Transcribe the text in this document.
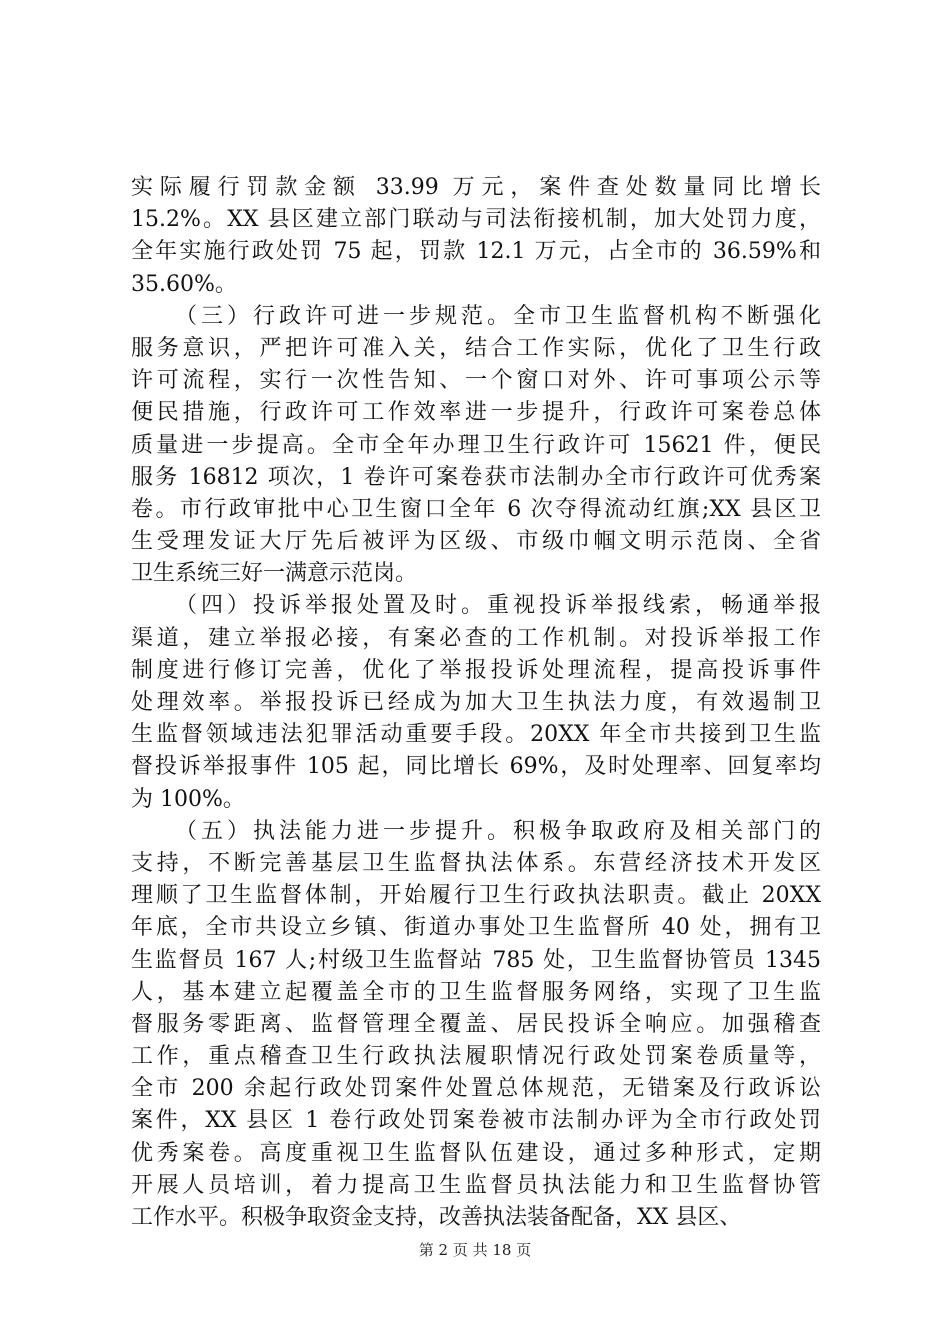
实际履行罚款金额 33.99 万元，案件查处数量同比增长
15.2%。XX 县区建立部门联动与司法衔接机制，加大处罚力度，
全年实施行政处罚 75 起，罚款 12.1 万元，占全市的 36.59%和
35.60%。
（三）行政许可进一步规范。全市卫生监督机构不断强化
服务意识，严把许可准入关，结合工作实际，优化了卫生行政
许可流程，实行一次性告知、一个窗口对外、许可事项公示等
便民措施，行政许可工作效率进一步提升，行政许可案卷总体
质量进一步提高。全市全年办理卫生行政许可 15621 件，便民
服务 16812 项次，1 卷许可案卷获市法制办全市行政许可优秀案
卷。市行政审批中心卫生窗口全年 6 次夺得流动红旗;XX 县区卫
生受理发证大厅先后被评为区级、市级巾帼文明示范岗、全省
卫生系统三好一满意示范岗。
（四）投诉举报处置及时。重视投诉举报线索，畅通举报
渠道，建立举报必接，有案必查的工作机制。对投诉举报工作
制度进行修订完善，优化了举报投诉处理流程，提高投诉事件
处理效率。举报投诉已经成为加大卫生执法力度，有效遏制卫
生监督领域违法犯罪活动重要手段。20XX 年全市共接到卫生监
督投诉举报事件 105 起，同比增长 69%，及时处理率、回复率均
为 100%。
（五）执法能力进一步提升。积极争取政府及相关部门的
支持，不断完善基层卫生监督执法体系。东营经济技术开发区
理顺了卫生监督体制，开始履行卫生行政执法职责。截止 20XX
年底，全市共设立乡镇、街道办事处卫生监督所 40 处，拥有卫
生监督员 167 人;村级卫生监督站 785 处，卫生监督协管员 1345
人，基本建立起覆盖全市的卫生监督服务网络，实现了卫生监
督服务零距离、监督管理全覆盖、居民投诉全响应。加强稽查
工作，重点稽查卫生行政执法履职情况行政处罚案卷质量等，
全市 200 余起行政处罚案件处置总体规范，无错案及行政诉讼
案件，XX 县区 1 卷行政处罚案卷被市法制办评为全市行政处罚
优秀案卷。高度重视卫生监督队伍建设，通过多种形式，定期
开展人员培训，着力提高卫生监督员执法能力和卫生监督协管
工作水平。积极争取资金支持，改善执法装备配备，XX 县区、
第 2 页 共 18 页
